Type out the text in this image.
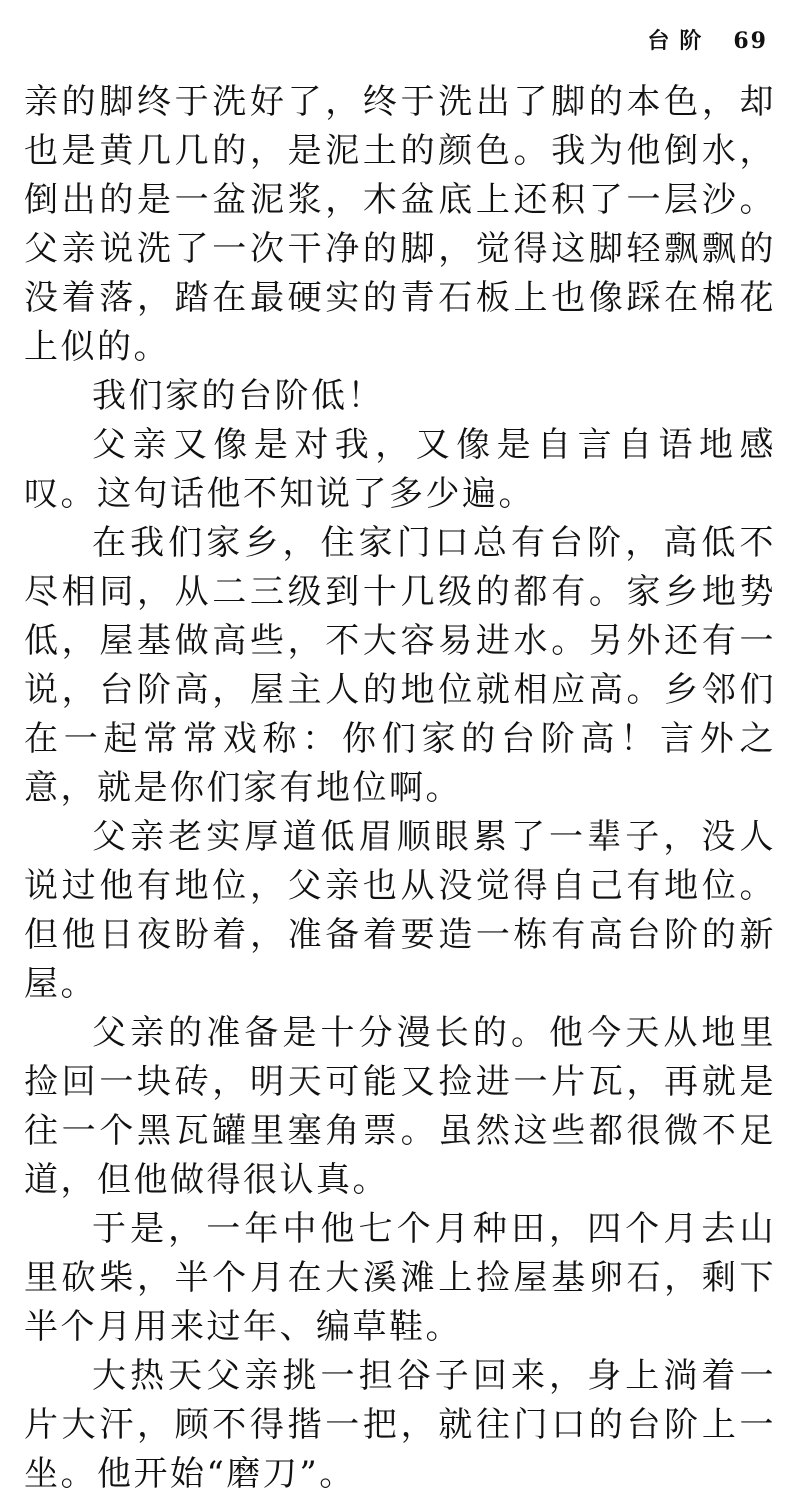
台阶 69

亲的脚终于洗好了，终于洗出了脚的本色，却也是黄几几的，是泥土的颜色。我为他倒水，倒出的是一盆泥浆，木盆底上还积了一层沙。父亲说洗了一次干净的脚，觉得这脚轻飘飘的没着落，踏在最硬实的青石板上也像踩在棉花上似的。

我们家的台阶低！

父亲又像是对我，又像是自言自语地感叹。这句话他不知说了多少遍。

在我们家乡，住家门口总有台阶，高低不尽相同，从二三级到十几级的都有。家乡地势低，屋基做高些，不大容易进水。另外还有一说，台阶高，屋主人的地位就相应高。乡邻们在一起常常戏称：你们家的台阶高！言外之意，就是你们家有地位啊。

父亲老实厚道低眉顺眼累了一辈子，没人说过他有地位，父亲也从没觉得自己有地位。但他日夜盼着，准备着要造一栋有高台阶的新屋。

父亲的准备是十分漫长的。他今天从地里捡回一块砖，明天可能又捡进一片瓦，再就是往一个黑瓦罐里塞角票。虽然这些都很微不足道，但他做得很认真。

于是，一年中他七个月种田，四个月去山里砍柴，半个月在大溪滩上捡屋基卵石，剩下半个月用来过年、编草鞋。

大热天父亲挑一担谷子回来，身上淌着一片大汗，顾不得揩一把，就往门口的台阶上一坐。他开始“磨刀”。
